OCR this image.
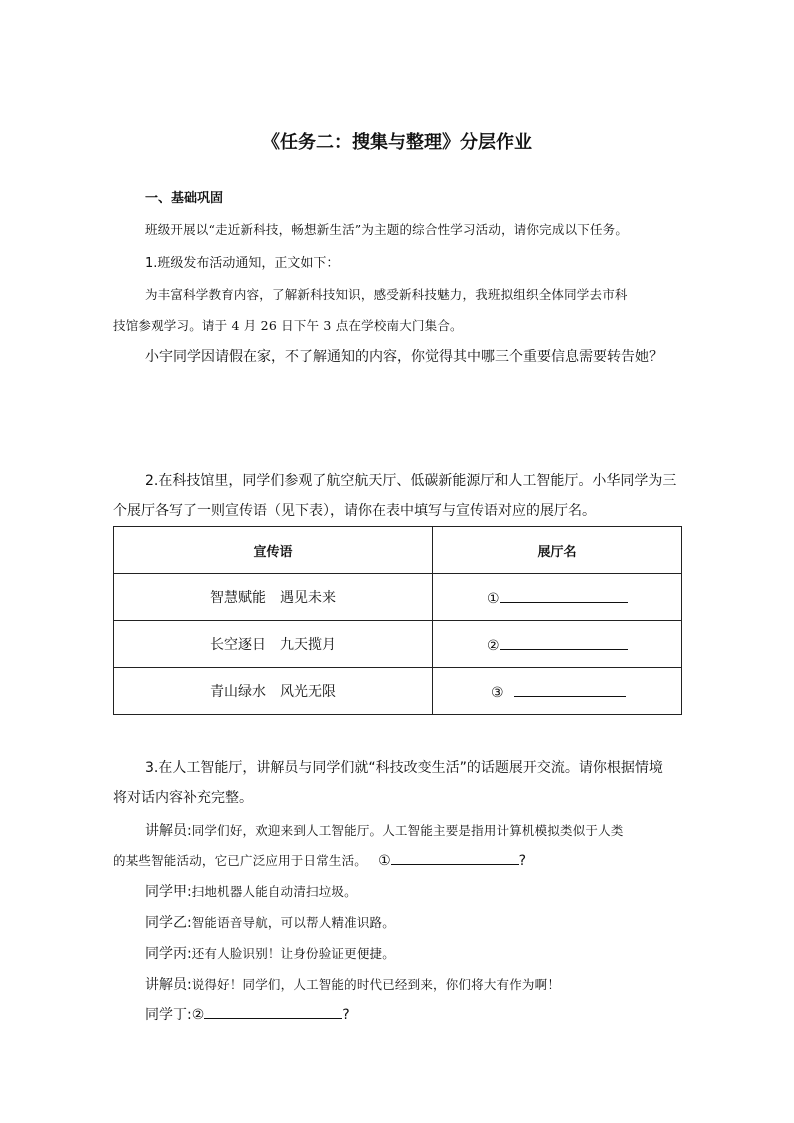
《任务二：搜集与整理》分层作业
一、基础巩固
班级开展以“走近新科技，畅想新生活”为主题的综合性学习活动，请你完成以下任务。
1.班级发布活动通知，正文如下：
为丰富科学教育内容，了解新科技知识，感受新科技魅力，我班拟组织全体同学去市科
技馆参观学习。请于 4 月 26 日下午 3 点在学校南大门集合。
小宇同学因请假在家，不了解通知的内容，你觉得其中哪三个重要信息需要转告她？
2.在科技馆里，同学们参观了航空航天厅、低碳新能源厅和人工智能厅。小华同学为三
个展厅各写了一则宣传语（见下表），请你在表中填写与宣传语对应的展厅名。
宣传语	展厅名
智慧赋能　遇见未来	①
长空逐日　九天揽月	②
青山绿水　风光无限	③
3.在人工智能厅，讲解员与同学们就“科技改变生活”的话题展开交流。请你根据情境
将对话内容补充完整。
讲解员:同学们好，欢迎来到人工智能厅。人工智能主要是指用计算机模拟类似于人类
的某些智能活动，它已广泛应用于日常生活。 ①	?
同学甲:扫地机器人能自动清扫垃圾。
同学乙:智能语音导航，可以帮人精准识路。
同学丙:还有人脸识别！让身份验证更便捷。
讲解员:说得好！同学们，人工智能的时代已经到来，你们将大有作为啊！
同学丁:②	?
